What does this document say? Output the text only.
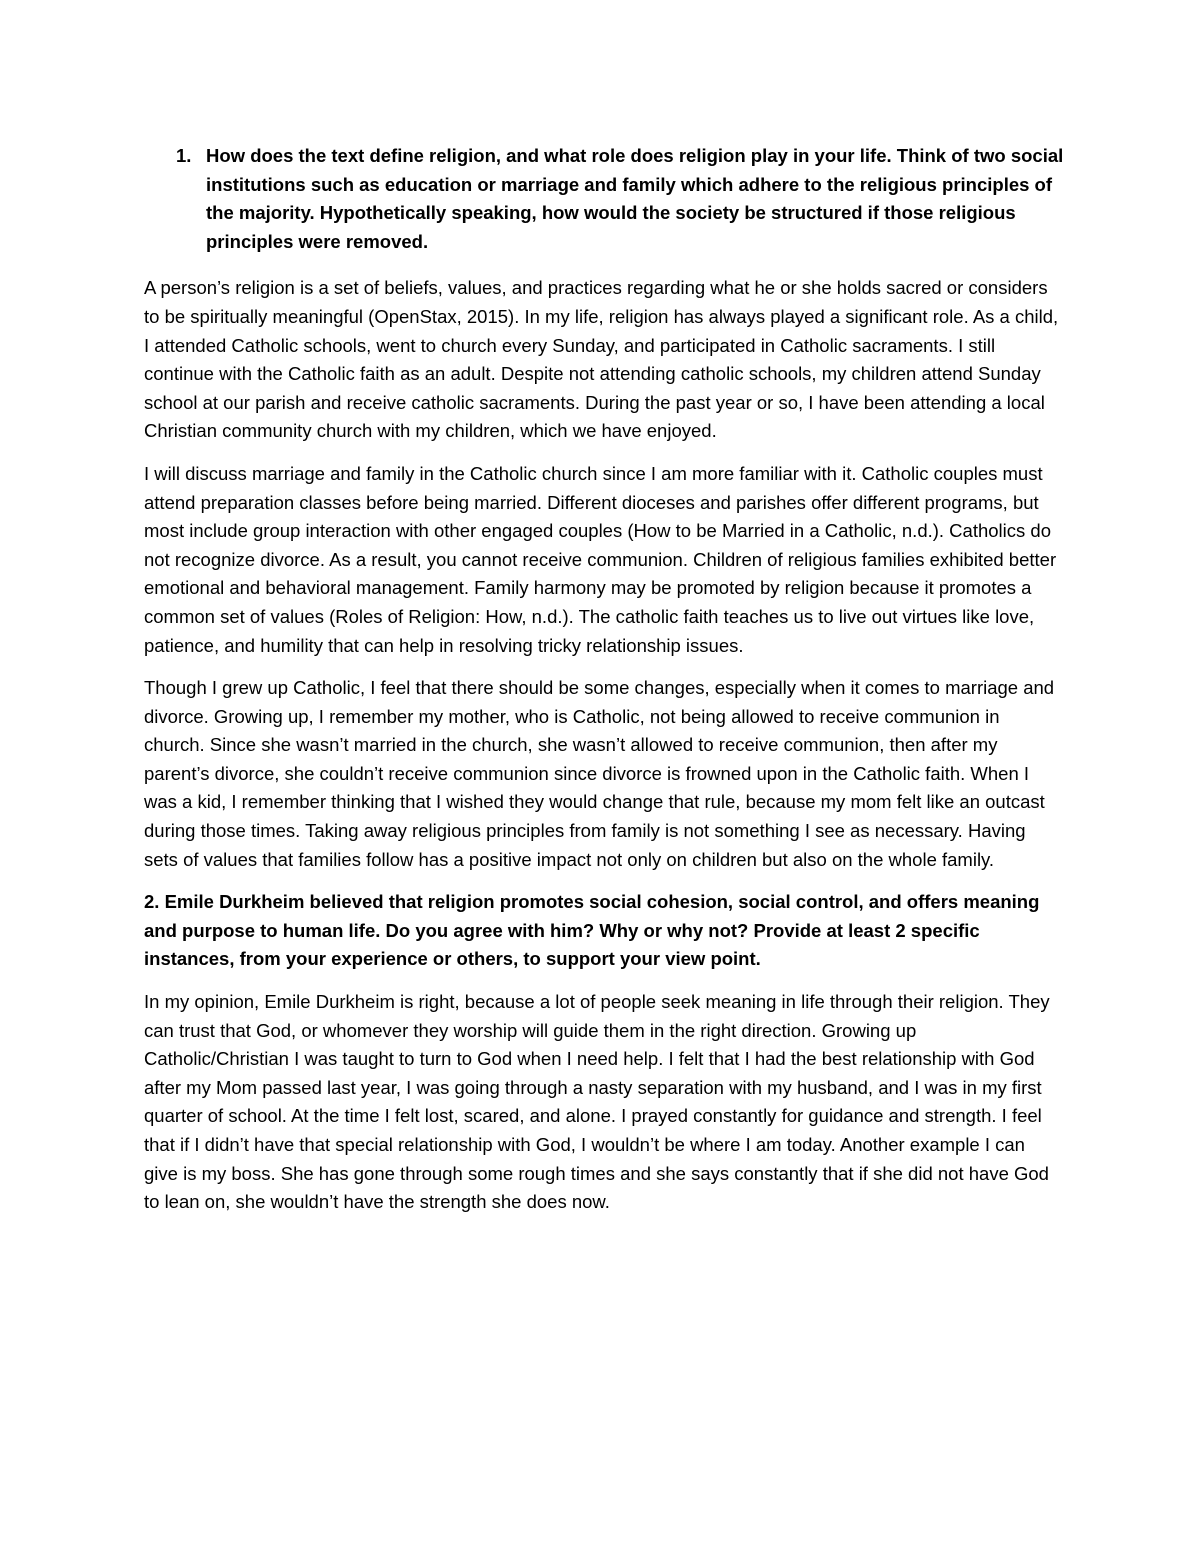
1. How does the text define religion, and what role does religion play in your life. Think of two social institutions such as education or marriage and family which adhere to the religious principles of the majority. Hypothetically speaking, how would the society be structured if those religious principles were removed.

A person’s religion is a set of beliefs, values, and practices regarding what he or she holds sacred or considers to be spiritually meaningful (OpenStax, 2015). In my life, religion has always played a significant role. As a child, I attended Catholic schools, went to church every Sunday, and participated in Catholic sacraments. I still continue with the Catholic faith as an adult. Despite not attending catholic schools, my children attend Sunday school at our parish and receive catholic sacraments. During the past year or so, I have been attending a local Christian community church with my children, which we have enjoyed.

I will discuss marriage and family in the Catholic church since I am more familiar with it. Catholic couples must attend preparation classes before being married. Different dioceses and parishes offer different programs, but most include group interaction with other engaged couples (How to be Married in a Catholic, n.d.). Catholics do not recognize divorce. As a result, you cannot receive communion. Children of religious families exhibited better emotional and behavioral management. Family harmony may be promoted by religion because it promotes a common set of values (Roles of Religion: How, n.d.). The catholic faith teaches us to live out virtues like love, patience, and humility that can help in resolving tricky relationship issues.

Though I grew up Catholic, I feel that there should be some changes, especially when it comes to marriage and divorce. Growing up, I remember my mother, who is Catholic, not being allowed to receive communion in church. Since she wasn’t married in the church, she wasn’t allowed to receive communion, then after my parent’s divorce, she couldn’t receive communion since divorce is frowned upon in the Catholic faith. When I was a kid, I remember thinking that I wished they would change that rule, because my mom felt like an outcast during those times. Taking away religious principles from family is not something I see as necessary. Having sets of values that families follow has a positive impact not only on children but also on the whole family.

2. Emile Durkheim believed that religion promotes social cohesion, social control, and offers meaning and purpose to human life. Do you agree with him? Why or why not? Provide at least 2 specific instances, from your experience or others, to support your view point.

In my opinion, Emile Durkheim is right, because a lot of people seek meaning in life through their religion. They can trust that God, or whomever they worship will guide them in the right direction. Growing up Catholic/Christian I was taught to turn to God when I need help. I felt that I had the best relationship with God after my Mom passed last year, I was going through a nasty separation with my husband, and I was in my first quarter of school. At the time I felt lost, scared, and alone. I prayed constantly for guidance and strength. I feel that if I didn’t have that special relationship with God, I wouldn’t be where I am today. Another example I can give is my boss. She has gone through some rough times and she says constantly that if she did not have God to lean on, she wouldn’t have the strength she does now.
